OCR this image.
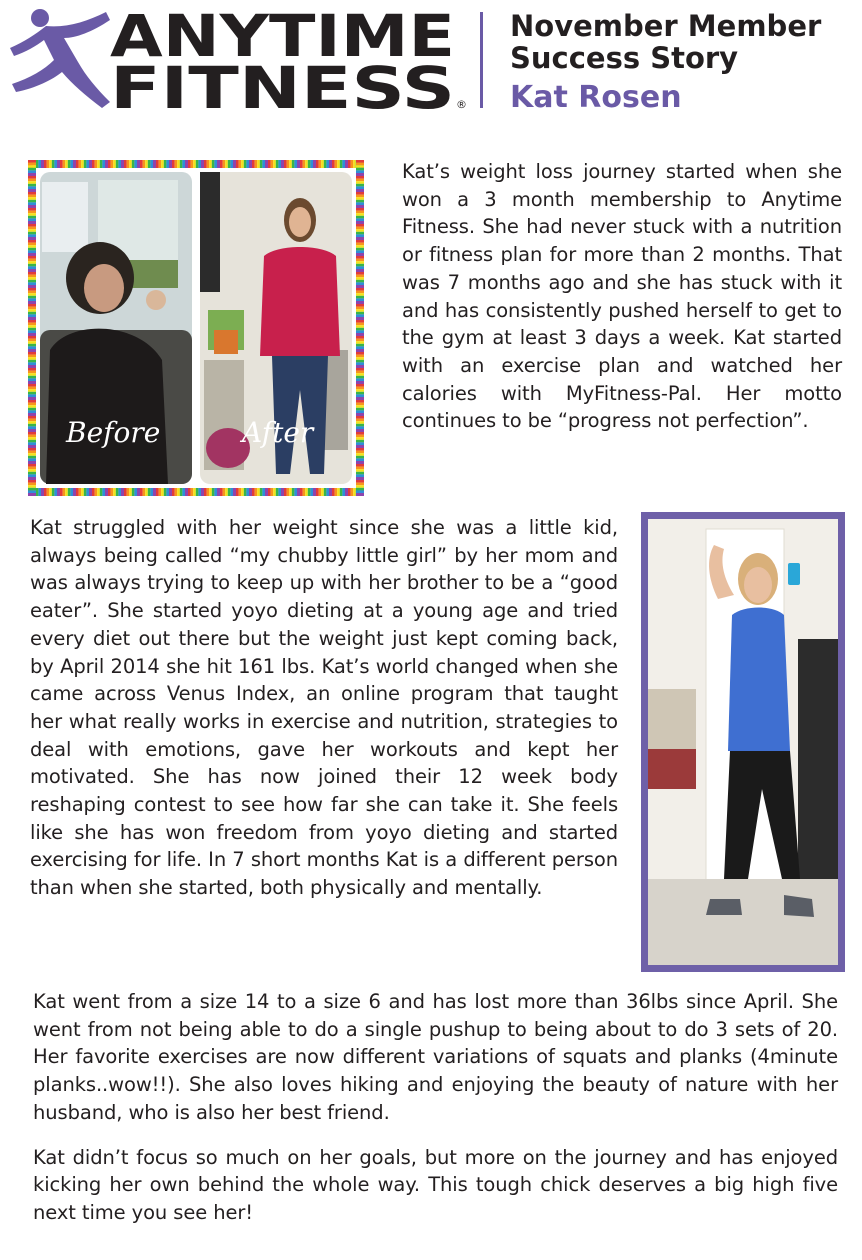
ANYTIME
FITNESS ®
November Member
Success Story
Kat Rosen
Before	After

Kat’s weight loss journey started when she won a 3 month membership to Anytime Fitness. She had never stuck with a nutrition or fitness plan for more than 2 months. That was 7 months ago and she has stuck with it and has consistently pushed herself to get to the gym at least 3 days a week. Kat started with an exercise plan and watched her calories with MyFitness-Pal. Her motto continues to be “progress not perfection”.

Kat struggled with her weight since she was a little kid, always being called “my chubby little girl” by her mom and was always trying to keep up with her brother to be a “good eater”. She started yoyo dieting at a young age and tried every diet out there but the weight just kept coming back, by April 2014 she hit 161 lbs. Kat’s world changed when she came across Venus Index, an online program that taught her what really works in exercise and nutrition, strategies to deal with emotions, gave her workouts and kept her motivated. She has now joined their 12 week body reshaping contest to see how far she can take it. She feels like she has won freedom from yoyo dieting and started exercising for life. In 7 short months Kat is a different person than when she started, both physically and mentally.

Kat went from a size 14 to a size 6 and has lost more than 36lbs since April. She went from not being able to do a single pushup to being about to do 3 sets of 20. Her favorite exercises are now different variations of squats and planks (4minute planks..wow!!). She also loves hiking and enjoying the beauty of nature with her husband, who is also her best friend.

Kat didn’t focus so much on her goals, but more on the journey and has enjoyed kicking her own behind the whole way. This tough chick deserves a big high five next time you see her!
